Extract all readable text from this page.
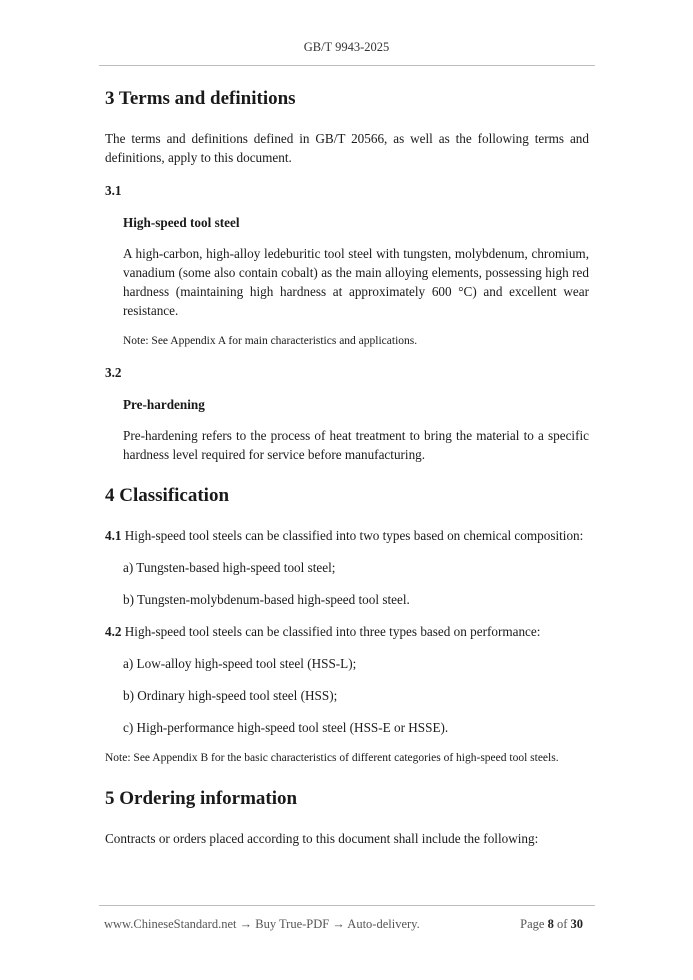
GB/T 9943-2025
3 Terms and definitions

The terms and definitions defined in GB/T 20566, as well as the following terms and definitions, apply to this document.

3.1

High-speed tool steel

A high-carbon, high-alloy ledeburitic tool steel with tungsten, molybdenum, chromium, vanadium (some also contain cobalt) as the main alloying elements, possessing high red hardness (maintaining high hardness at approximately 600 °C) and excellent wear resistance.

Note: See Appendix A for main characteristics and applications.

3.2

Pre-hardening

Pre-hardening refers to the process of heat treatment to bring the material to a specific hardness level required for service before manufacturing.

4 Classification

4.1 High-speed tool steels can be classified into two types based on chemical composition:

a) Tungsten-based high-speed tool steel;

b) Tungsten-molybdenum-based high-speed tool steel.

4.2 High-speed tool steels can be classified into three types based on performance:

a) Low-alloy high-speed tool steel (HSS-L);

b) Ordinary high-speed tool steel (HSS);

c) High-performance high-speed tool steel (HSS-E or HSSE).

Note: See Appendix B for the basic characteristics of different categories of high-speed tool steels.

5 Ordering information

Contracts or orders placed according to this document shall include the following:

www.ChineseStandard.net → Buy True-PDF → Auto-delivery.	Page 8 of 30
